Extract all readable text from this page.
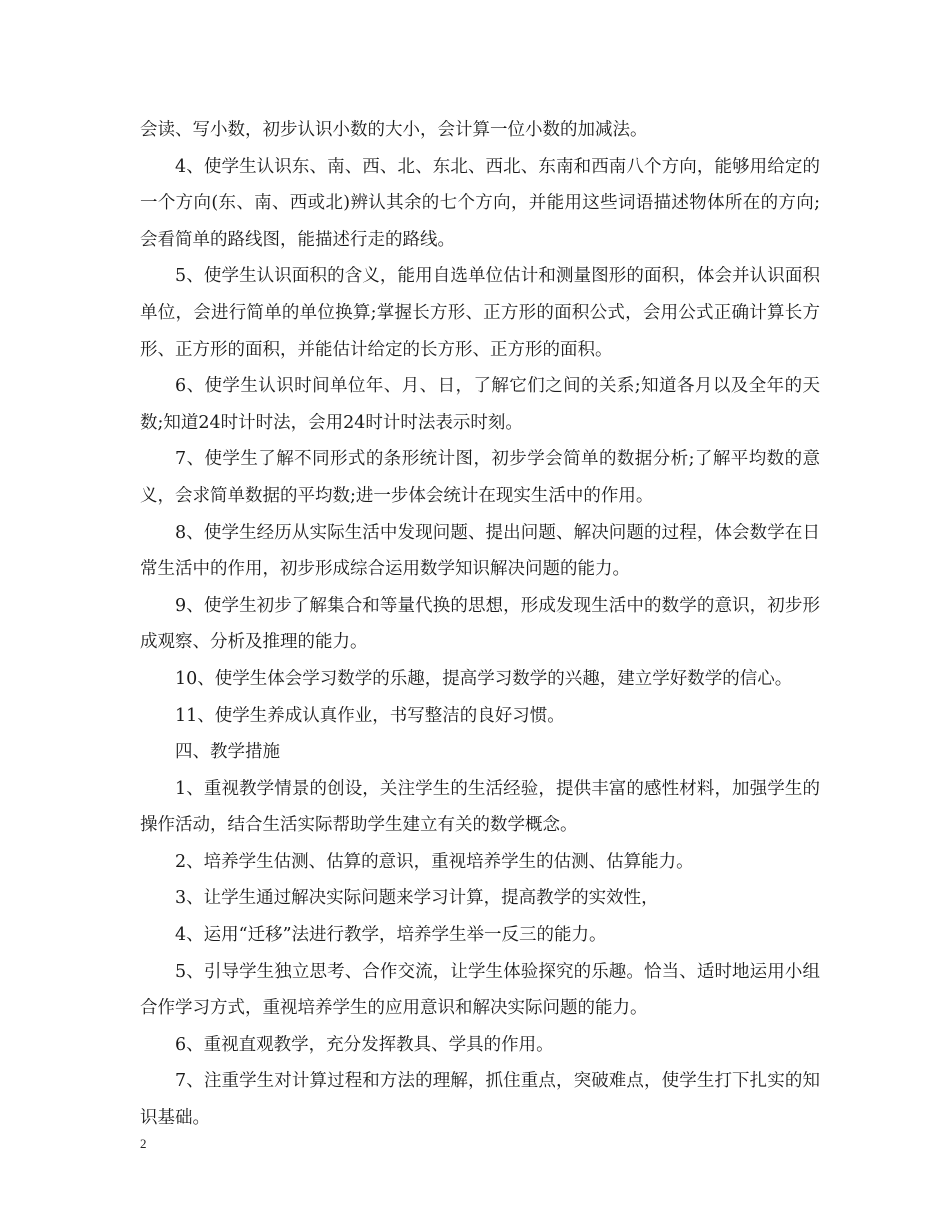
会读、写小数，初步认识小数的大小，会计算一位小数的加减法。

4、使学生认识东、南、西、北、东北、西北、东南和西南八个方向，能够用给定的一个方向(东、南、西或北)辨认其余的七个方向，并能用这些词语描述物体所在的方向;会看简单的路线图，能描述行走的路线。

5、使学生认识面积的含义，能用自选单位估计和测量图形的面积，体会并认识面积单位，会进行简单的单位换算;掌握长方形、正方形的面积公式，会用公式正确计算长方形、正方形的面积，并能估计给定的长方形、正方形的面积。

6、使学生认识时间单位年、月、日，了解它们之间的关系;知道各月以及全年的天数;知道24时计时法，会用24时计时法表示时刻。

7、使学生了解不同形式的条形统计图，初步学会简单的数据分析;了解平均数的意义，会求简单数据的平均数;进一步体会统计在现实生活中的作用。

8、使学生经历从实际生活中发现问题、提出问题、解决问题的过程，体会数学在日常生活中的作用，初步形成综合运用数学知识解决问题的能力。

9、使学生初步了解集合和等量代换的思想，形成发现生活中的数学的意识，初步形成观察、分析及推理的能力。

10、使学生体会学习数学的乐趣，提高学习数学的兴趣，建立学好数学的信心。

11、使学生养成认真作业，书写整洁的良好习惯。

四、教学措施

1、重视教学情景的创设，关注学生的生活经验，提供丰富的感性材料，加强学生的操作活动，结合生活实际帮助学生建立有关的数学概念。

2、培养学生估测、估算的意识，重视培养学生的估测、估算能力。

3、让学生通过解决实际问题来学习计算，提高教学的实效性，

4、运用“迁移”法进行教学，培养学生举一反三的能力。

5、引导学生独立思考、合作交流，让学生体验探究的乐趣。恰当、适时地运用小组合作学习方式，重视培养学生的应用意识和解决实际问题的能力。

6、重视直观教学，充分发挥教具、学具的作用。

7、注重学生对计算过程和方法的理解，抓住重点，突破难点，使学生打下扎实的知识基础。

2
